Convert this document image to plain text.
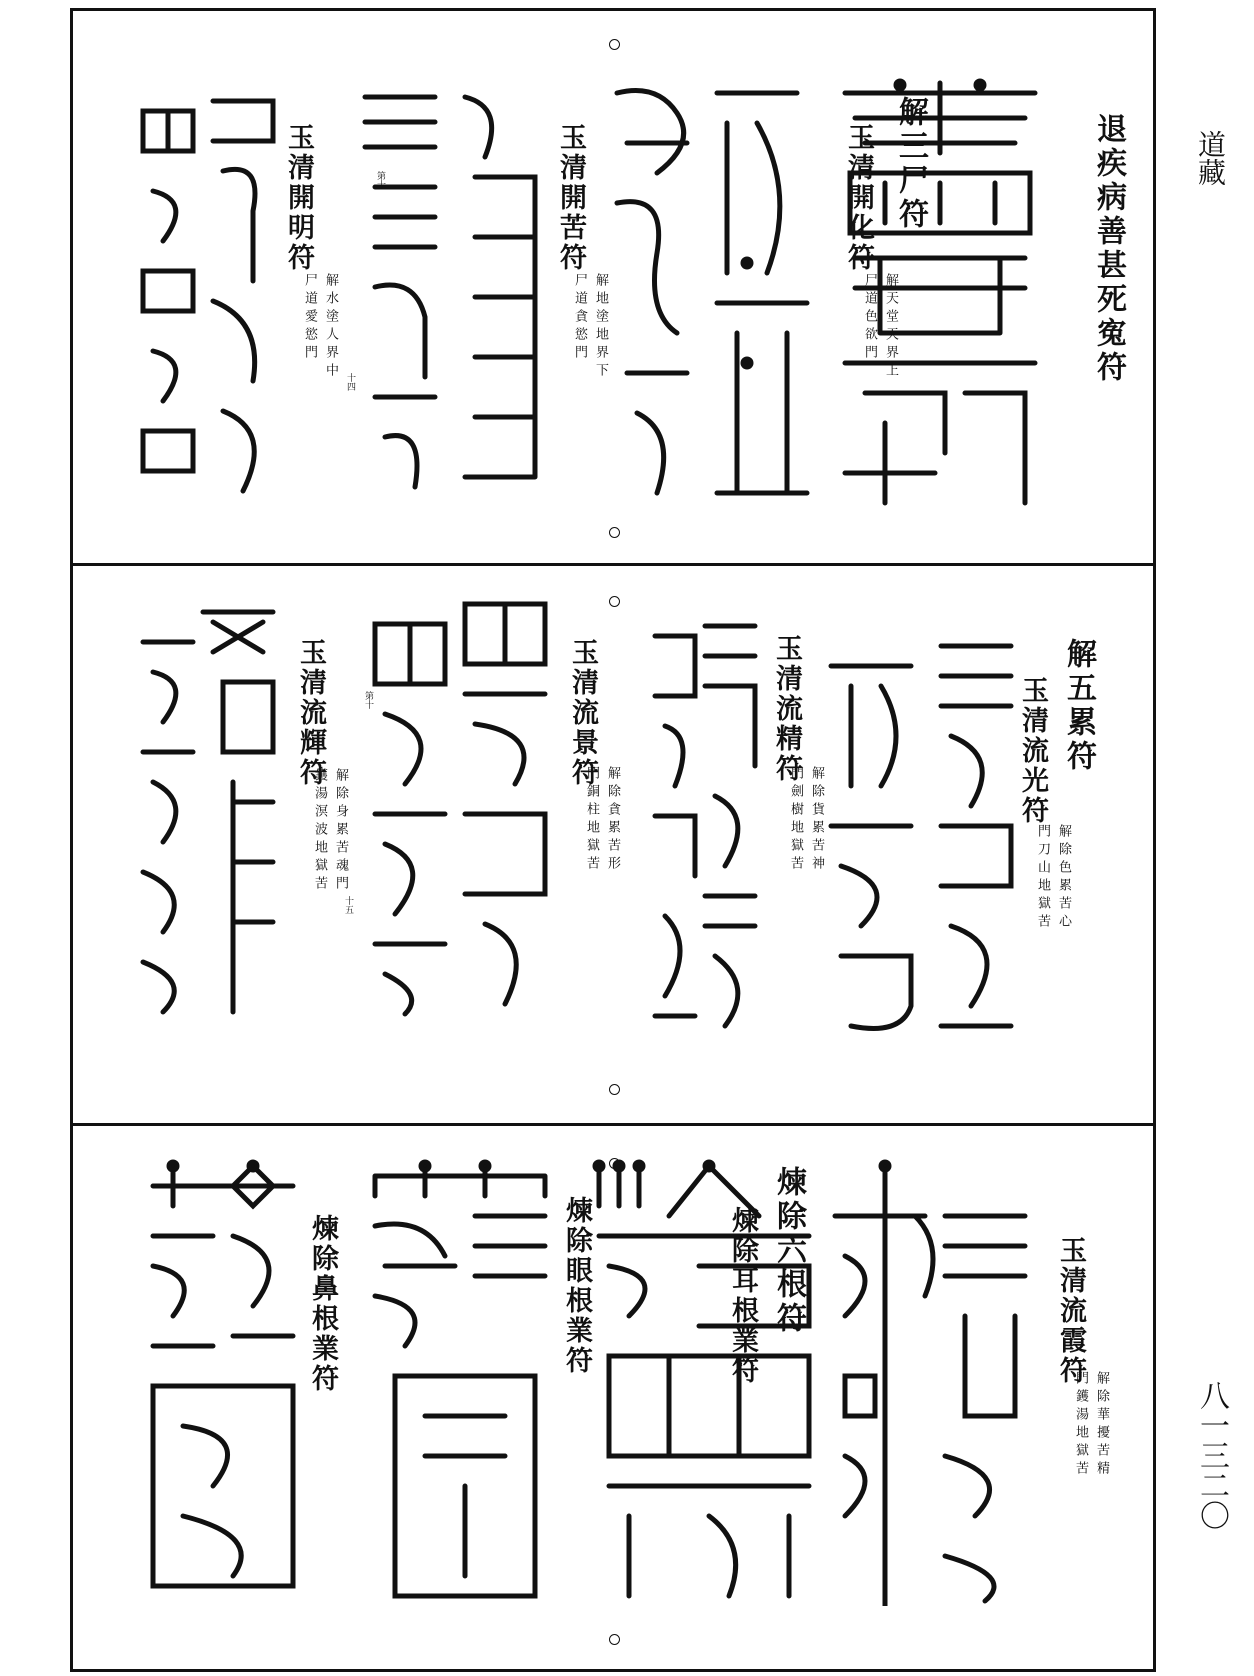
退疾病善甚死寃符
解三尸符
玉清開化符
解天堂天界上
尸道色欲門
玉清開苦符
解地塗地界下
尸道貪慾門
玉清開明符	第十
十四
解水塗人界中
尸道愛慾門
解五累符
玉清流光符
解除色累苦心
門刀山地獄苦
玉清流精符
解除貨累苦神
門劍樹地獄苦
玉清流景符
解除貪累苦形
門銅柱地獄苦
玉清流輝符	第十
十五
解除身累苦魂門
鑊湯溟波地獄苦
玉清流霞符
解除華擾苦精
門鑊湯地獄苦
煉除六根符
煉除耳根業符
煉除眼根業符
煉除鼻根業符
道藏
八一三二〇
